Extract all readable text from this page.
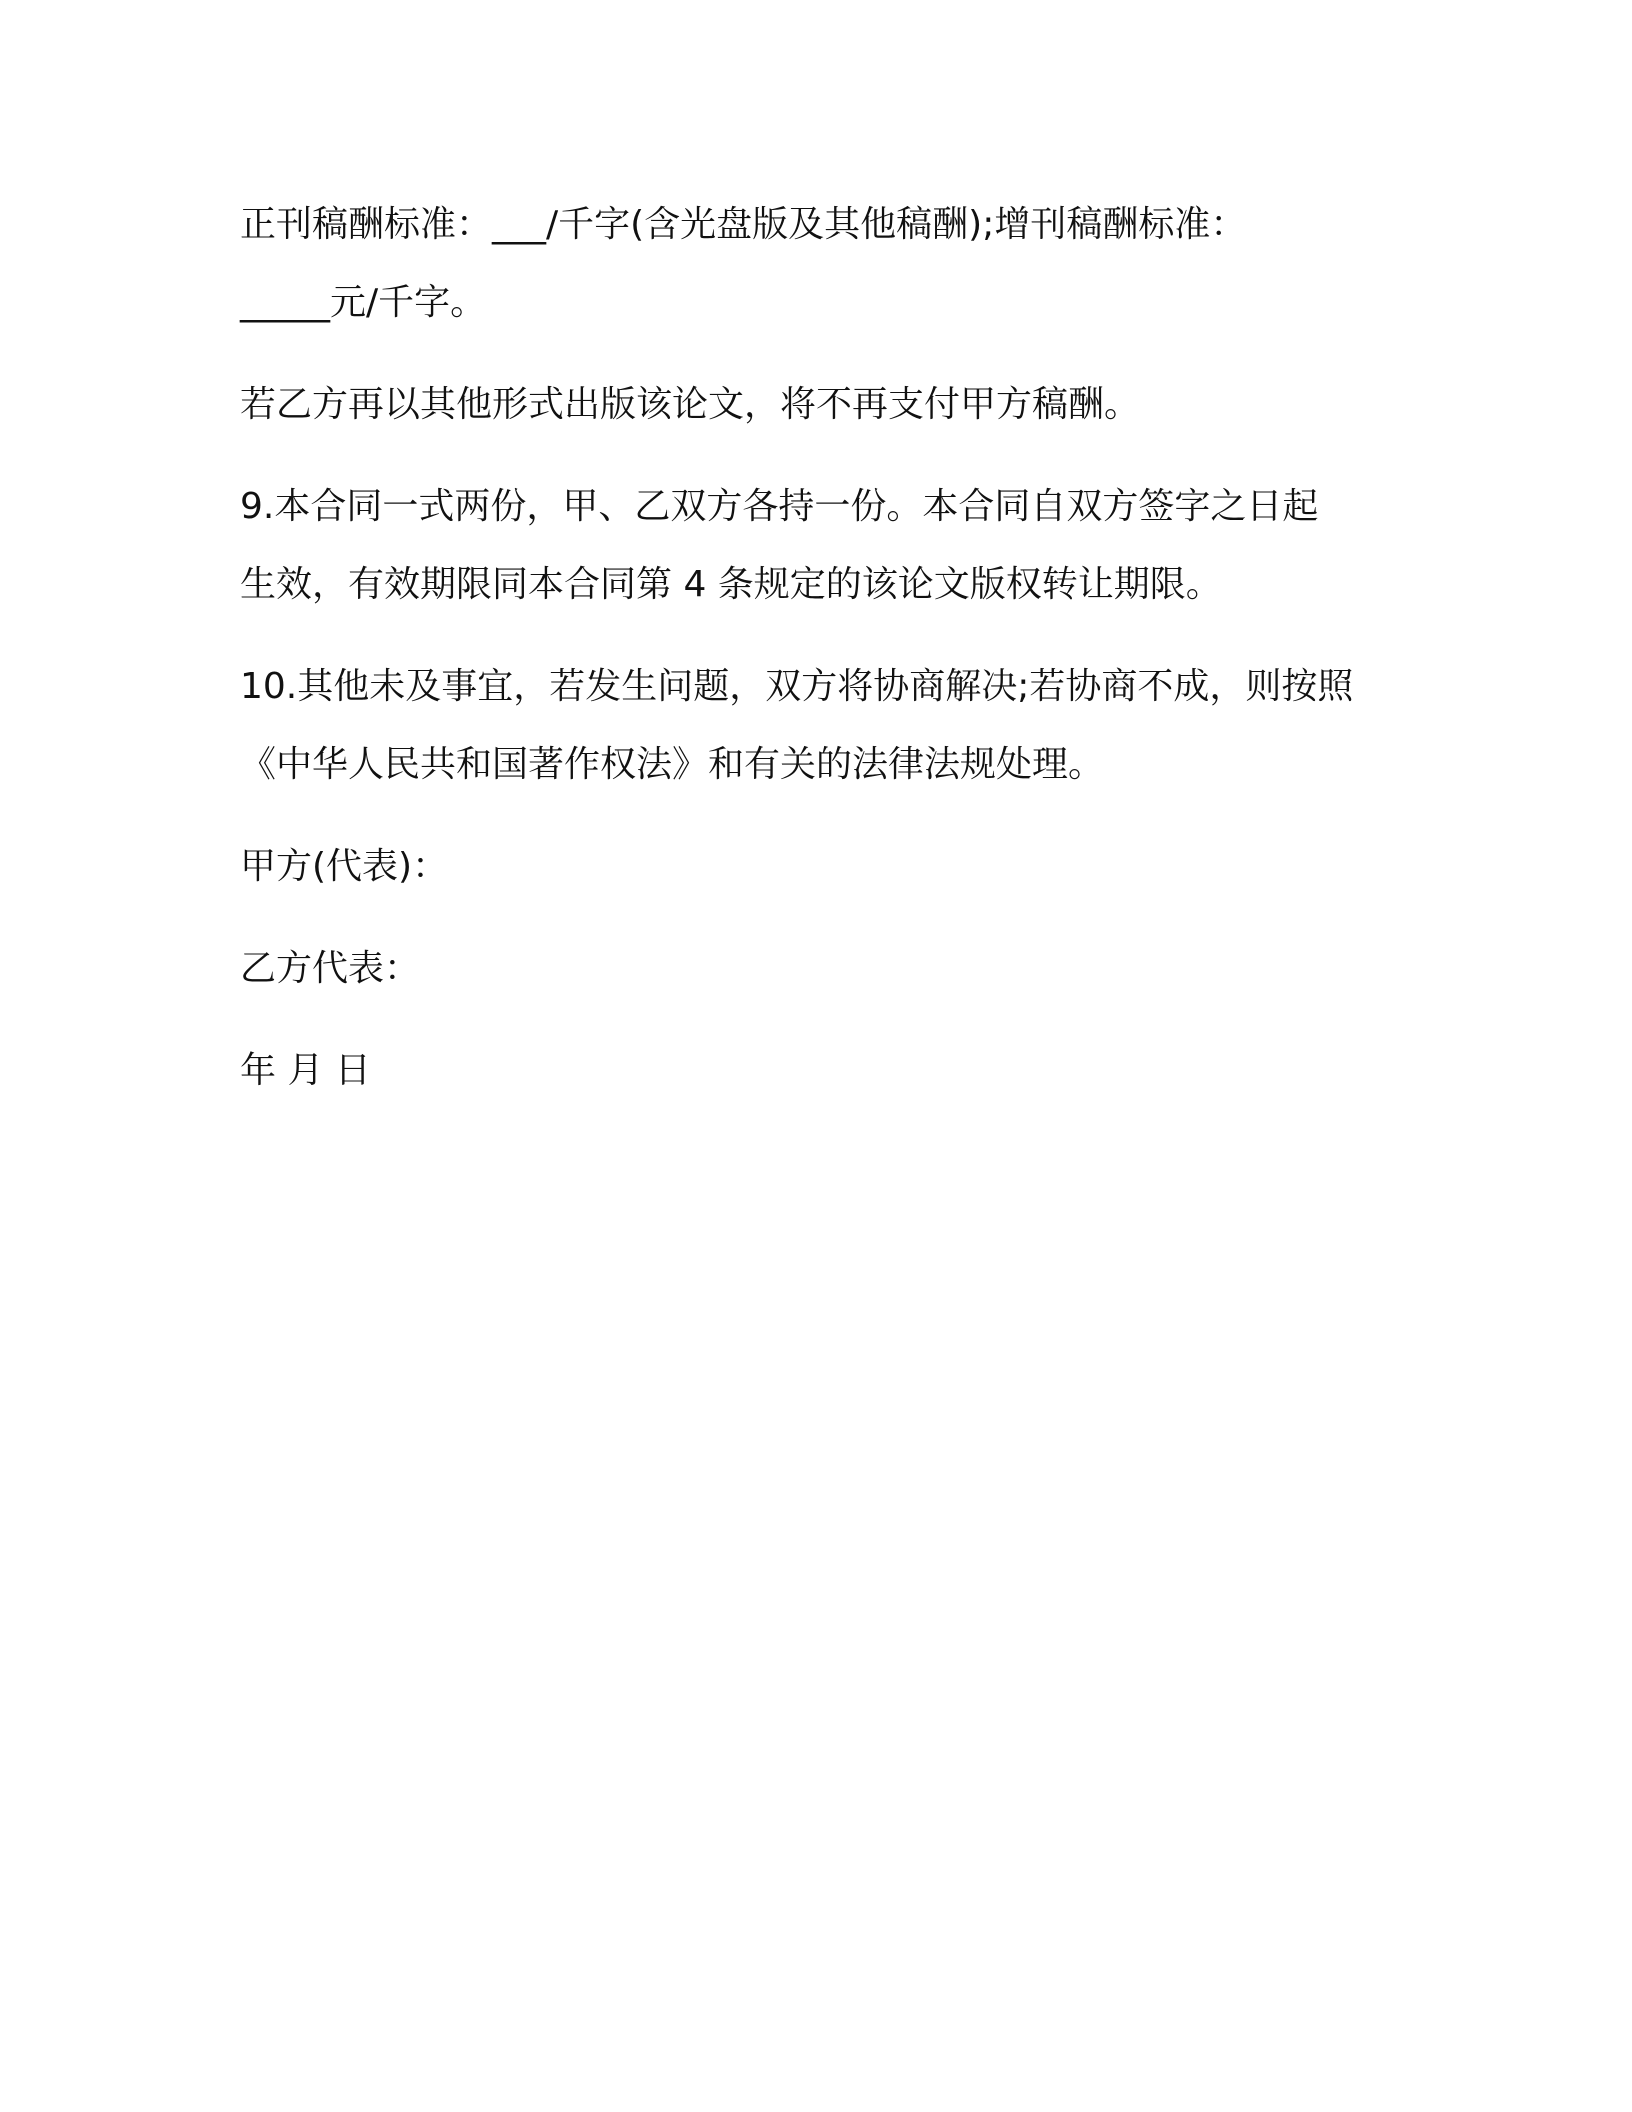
正刊稿酬标准：___/千字(含光盘版及其他稿酬);增刊稿酬标准：
_____元/千字。

若乙方再以其他形式出版该论文，将不再支付甲方稿酬。

9.本合同一式两份，甲、乙双方各持一份。本合同自双方签字之日起
生效，有效期限同本合同第 4 条规定的该论文版权转让期限。

10.其他未及事宜，若发生问题，双方将协商解决;若协商不成，则按照
《中华人民共和国著作权法》和有关的法律法规处理。

甲方(代表)：

乙方代表：

年 月 日
